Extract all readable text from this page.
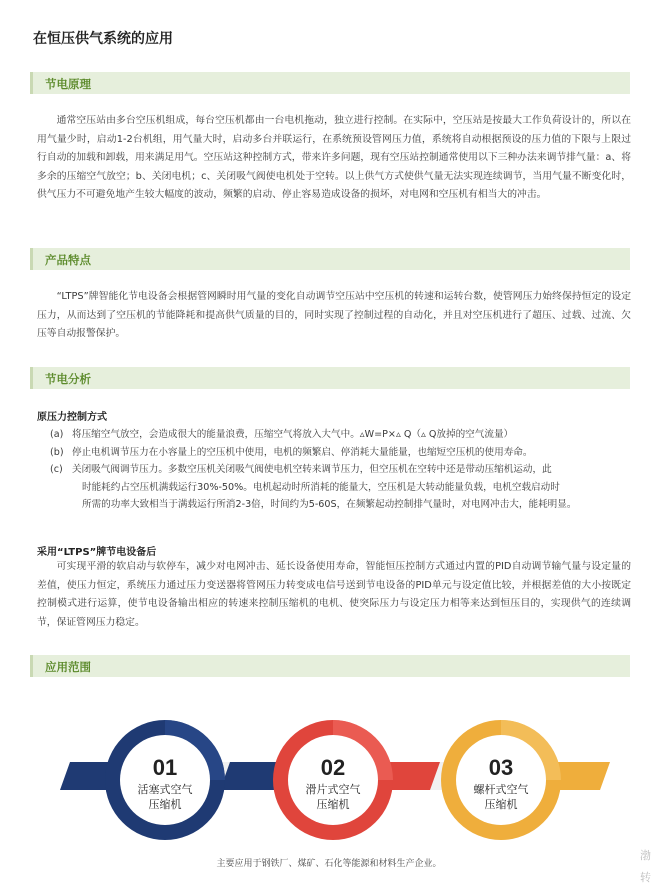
在恒压供气系统的应用
节电原理
通常空压站由多台空压机组成，每台空压机都由一台电机拖动，独立进行控制。在实际中，空压站是按最大工作负荷设计的，所以在用气量少时，启动1-2台机组，用气量大时，启动多台并联运行，在系统预设管网压力值，系统将自动根据预设的压力值的下限与上限过行自动的加载和卸载，用来满足用气。空压站这种控制方式，带来许多问题，现有空压站控制通常使用以下三种办法来调节排气量：a、将多余的压缩空气放空；b、关闭电机；c、关闭吸气阀使电机处于空转。以上供气方式使供气量无法实现连续调节，当用气量不断变化时，供气压力不可避免地产生较大幅度的波动，频繁的启动、停止容易造成设备的损坏，对电网和空压机有相当大的冲击。
产品特点
“LTPS”牌智能化节电设备会根据管网瞬时用气量的变化自动调节空压站中空压机的转速和运转台数，使管网压力始终保持恒定的设定压力，从而达到了空压机的节能降耗和提高供气质量的目的，同时实现了控制过程的自动化，并且对空压机进行了超压、过载、过流、欠压等自动报警保护。
节电分析
原压力控制方式
(a) 将压缩空气放空，会造成很大的能量浪费，压缩空气将放入大气中。▵W=P×▵ Q（▵ Q放掉的空气流量）
(b) 停止电机调节压力在小容量上的空压机中使用，电机的频繁启、停消耗大量能量，也缩短空压机的使用寿命。
(c) 关闭吸气阀调节压力。多数空压机关闭吸气阀使电机空转来调节压力，但空压机在空转中还是带动压缩机运动，此
时能耗约占空压机满载运行30%-50%。电机起动时所消耗的能量大，空压机是大转动能量负载，电机空载启动时
所需的功率大致相当于满载运行所消2-3倍，时间约为5-60S，在频繁起动控制排气量时，对电网冲击大，能耗明显。
采用“LTPS”牌节电设备后
可实现平滑的软启动与软停车，减少对电网冲击、延长设备使用寿命，智能恒压控制方式通过内置的PID自动调节输气量与设定量的差值，使压力恒定，系统压力通过压力变送器将管网压力转变成电信号送到节电设备的PID单元与设定值比较，并根据差值的大小按既定控制模式进行运算，使节电设备输出相应的转速来控制压缩机的电机、使突际压力与设定压力相等来达到恒压目的，实现供气的连续调节，保证管网压力稳定。
应用范围
01
活塞式空气
压缩机
02
滑片式空气
压缩机
03
螺杆式空气
压缩机
主要应用于钢铁厂、煤矿、石化等能源和材料生产企业。
渤转
